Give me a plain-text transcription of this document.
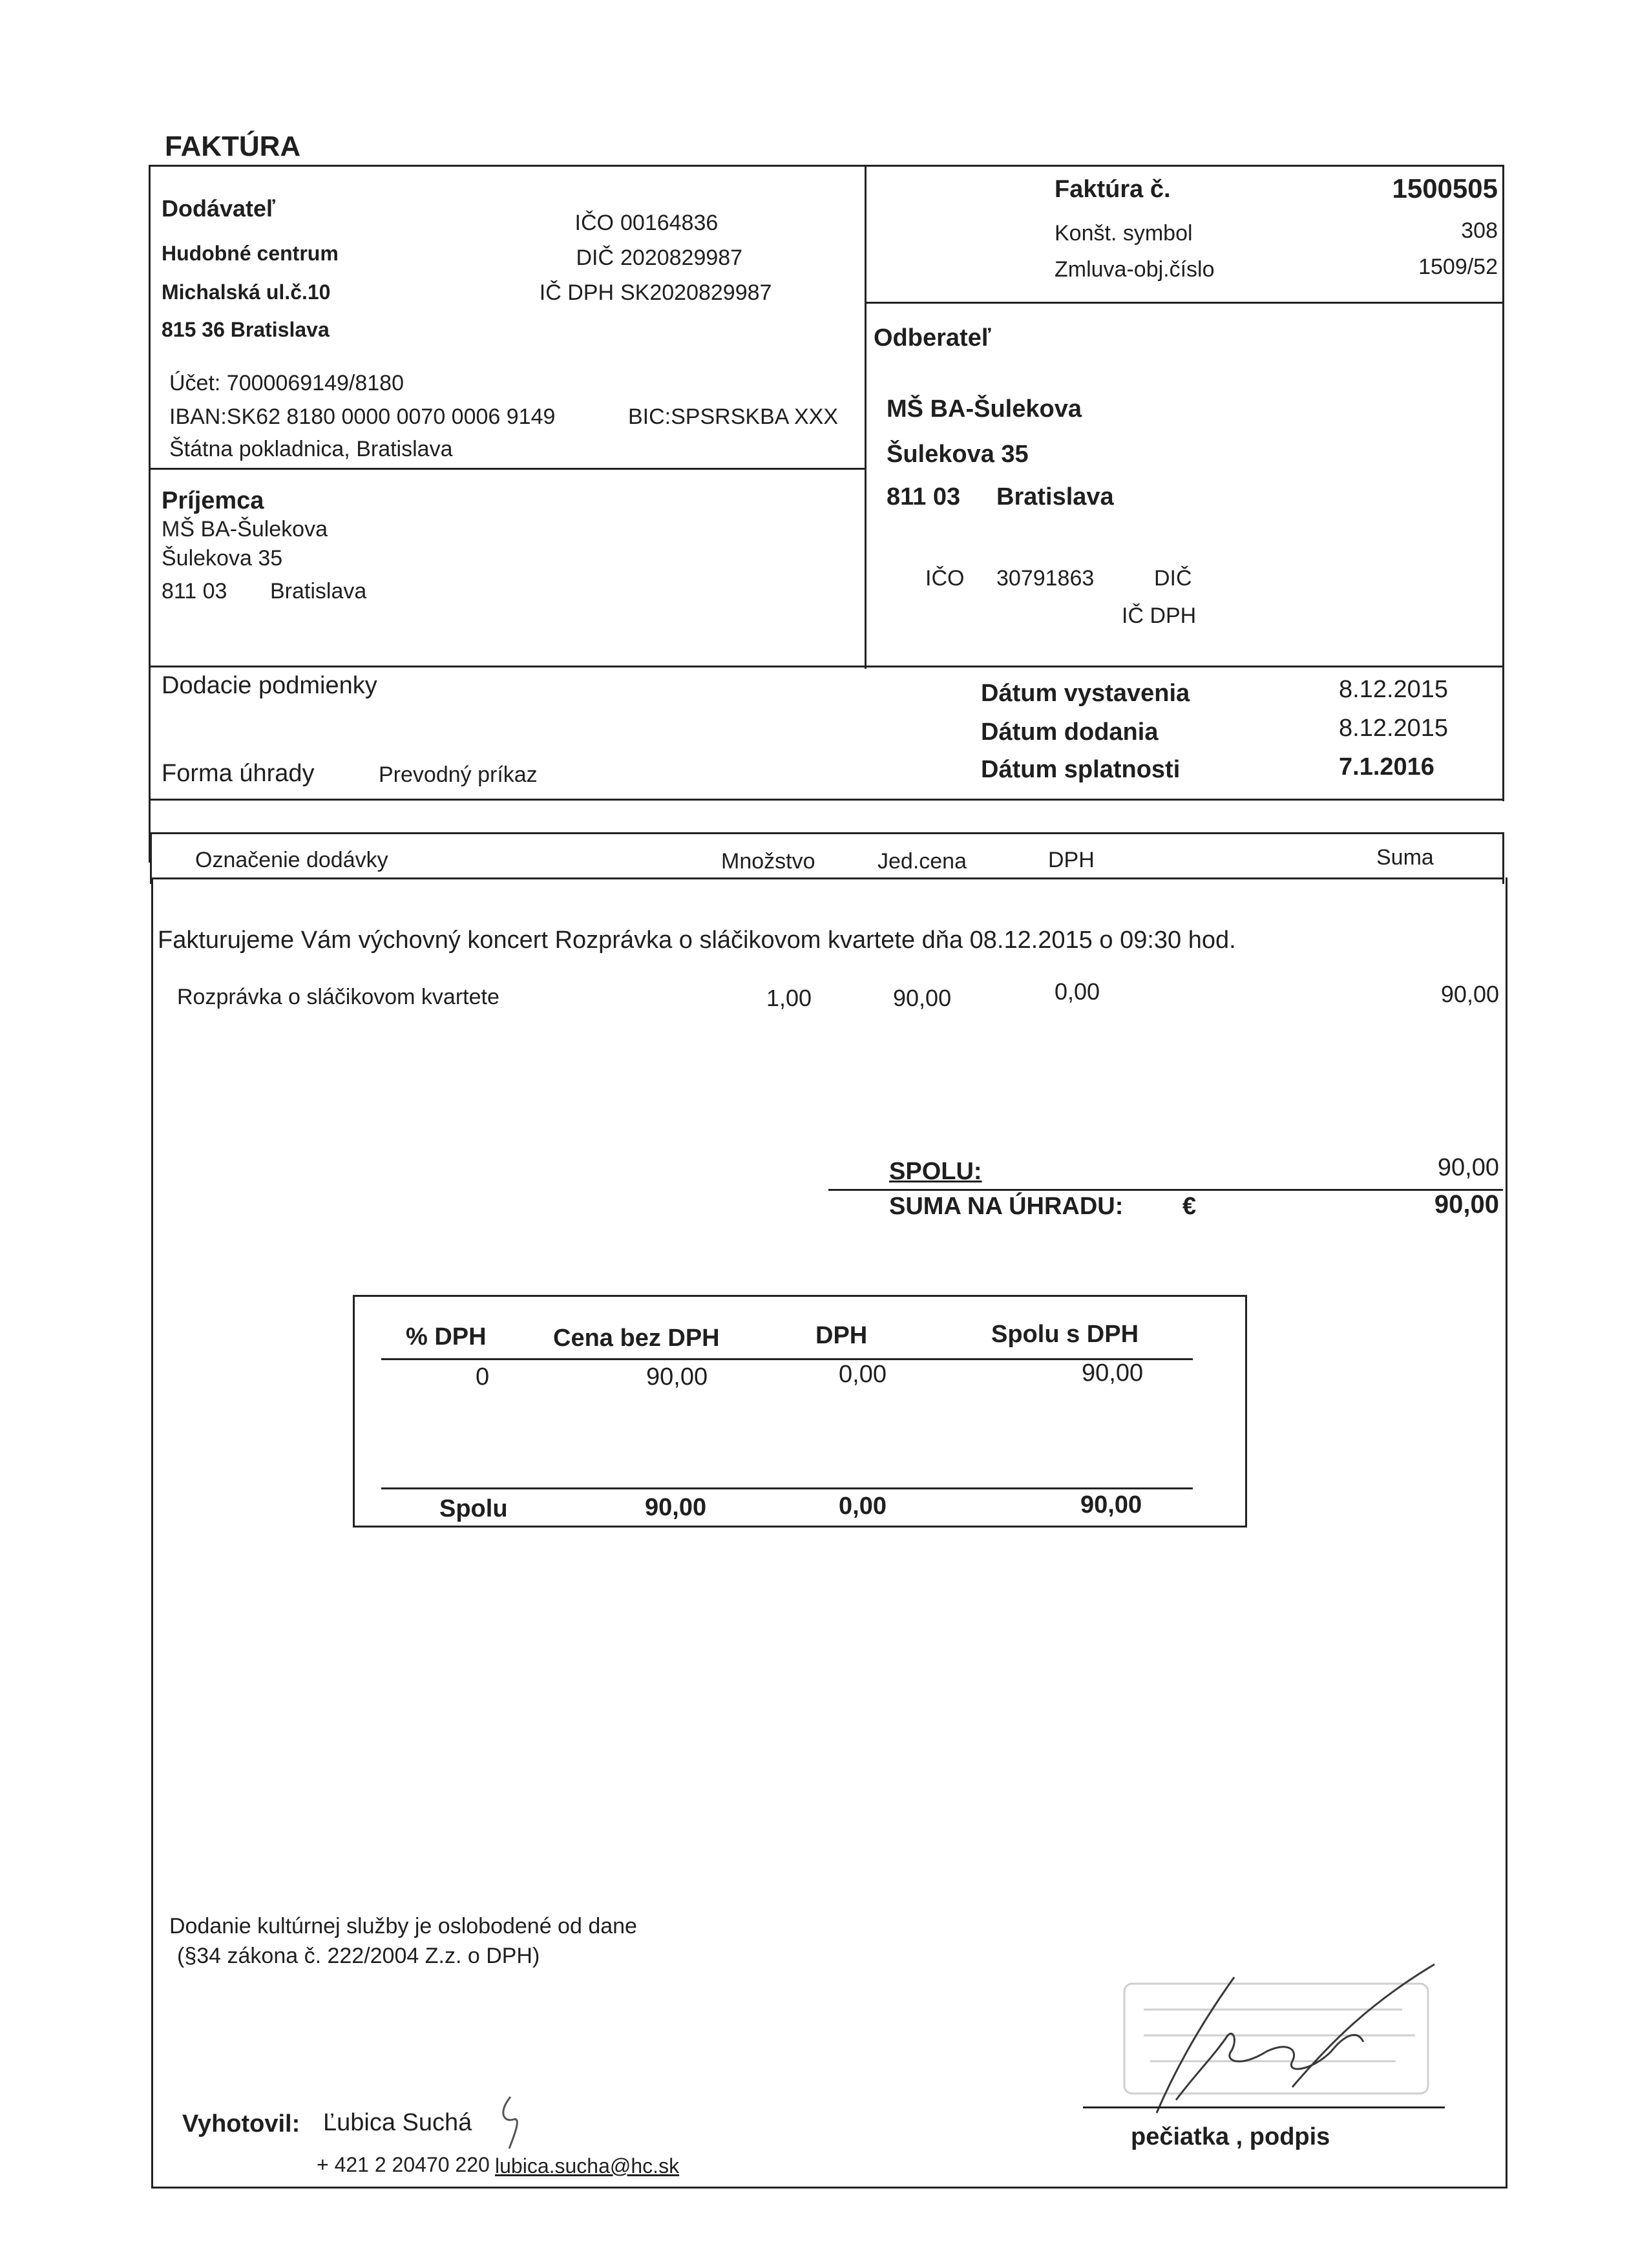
FAKTÚRA
Dodávateľ
Hudobné centrum
Michalská ul.č.10
815 36 Bratislava
IČO 00164836
DIČ 2020829987
IČ DPH SK2020829987
Účet: 7000069149/8180
IBAN:SK62 8180 0000 0070 0006 9149	BIC:SPSRSKBA XXX
Štátna pokladnica, Bratislava
Príjemca
MŠ BA-Šulekova
Šulekova 35
811 03 Bratislava
Faktúra č.	1500505
Konšt. symbol	308
Zmluva-obj.číslo	1509/52
Odberateľ
MŠ BA-Šulekova
Šulekova 35
811 03 Bratislava
IČO 30791863	DIČ
IČ DPH
Dodacie podmienky
Forma úhrady	Prevodný príkaz
Dátum vystavenia	8.12.2015
Dátum dodania	8.12.2015
Dátum splatnosti	7.1.2016
Označenie dodávky	Množstvo	Jed.cena	DPH	Suma
Fakturujeme Vám výchovný koncert Rozprávka o sláčikovom kvartete dňa 08.12.2015 o 09:30 hod.
Rozprávka o sláčikovom kvartete	1,00	90,00	0,00	90,00
SPOLU:	90,00
SUMA NA ÚHRADU: €	90,00
% DPH	Cena bez DPH	DPH	Spolu s DPH
0	90,00	0,00	90,00
Spolu	90,00	0,00	90,00
Dodanie kultúrnej služby je oslobodené od dane
(§34 zákona č. 222/2004 Z.z. o DPH)
pečiatka , podpis
Vyhotovil: Ľubica Suchá
+ 421 2 20470 220 lubica.sucha@hc.sk
